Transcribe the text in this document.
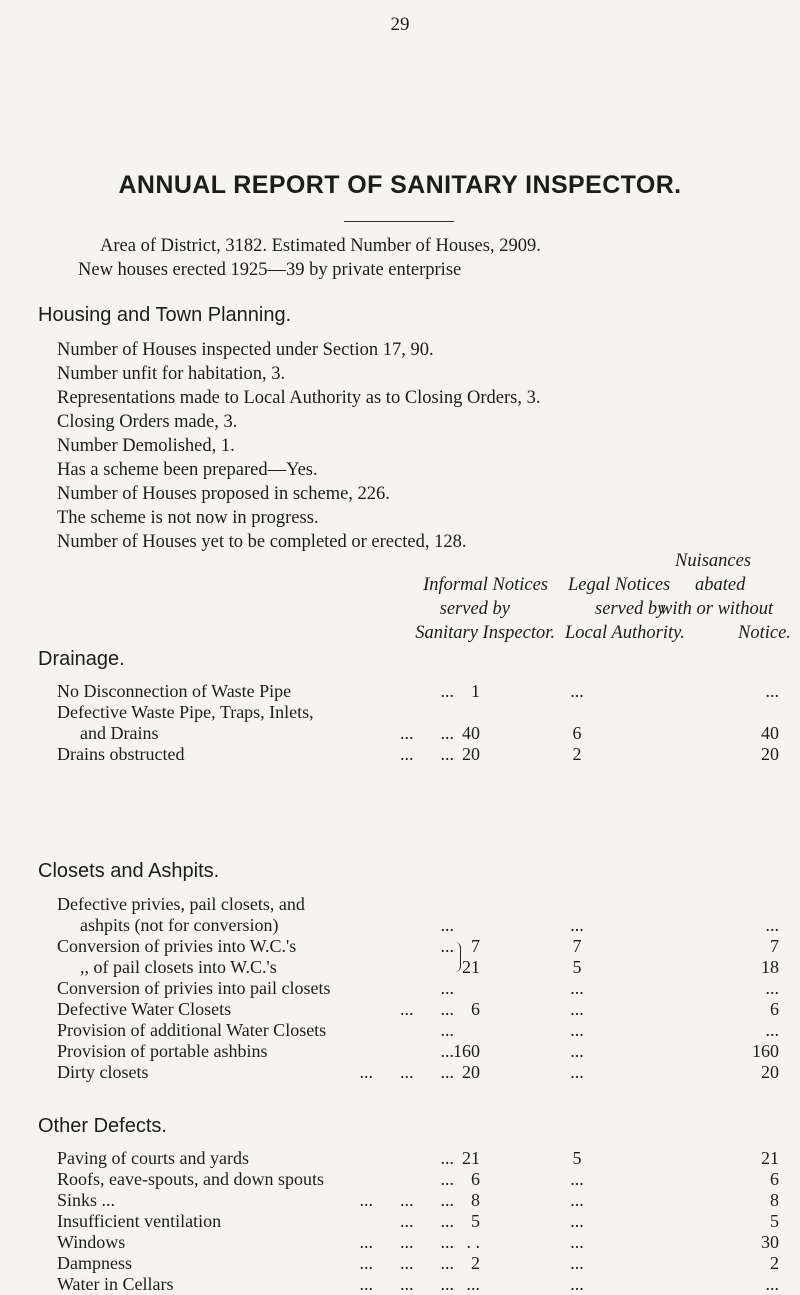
29
ANNUAL REPORT OF SANITARY INSPECTOR.
Area of District, 3182. Estimated Number of Houses, 2909.
New houses erected 1925—39 by private enterprise
Housing and Town Planning.
Number of Houses inspected under Section 17, 90.
Number unfit for habitation, 3.
Representations made to Local Authority as to Closing Orders, 3.
Closing Orders made, 3.
Number Demolished, 1.
Has a scheme been prepared—Yes.
Number of Houses proposed in scheme, 226.
The scheme is not now in progress.
Number of Houses yet to be completed or erected, 128.
Informal Notices
served by
Sanitary Inspector.
Legal Notices
served by
Local Authority.
Nuisances
abated
with or without
Notice.
Drainage.
No Disconnection of Waste Pipe	... 1	...	...
Defective Waste Pipe, Traps, Inlets,
and Drains	...      ... 40	6	40
Drains obstructed	...      ... 20	2	20
Closets and Ashpits.
Defective privies, pail closets, and
ashpits (not for conversion)	...	...	...
Conversion of privies into W.C.'s	... 7	7	7
,, of pail closets into W.C.'s	21	5	18
Conversion of privies into pail closets	...	...	...
Defective Water Closets	...      ... 6	...	6
Provision of additional Water Closets	...	...	...
Provision of portable ashbins	... 160	...	160
Dirty closets	...      ...      ... 20	...	20
Other Defects.
Paving of courts and yards	... 21	5	21
Roofs, eave-spouts, and down spouts	... 6	...	6
Sinks ...	...      ...      ... 8	...	8
Insufficient ventilation	...      ... 5	...	5
Windows	...      ...      ... . .	...	30
Dampness	...      ...      ... 2	...	2
Water in Cellars	...      ...      ... ...	...	...
